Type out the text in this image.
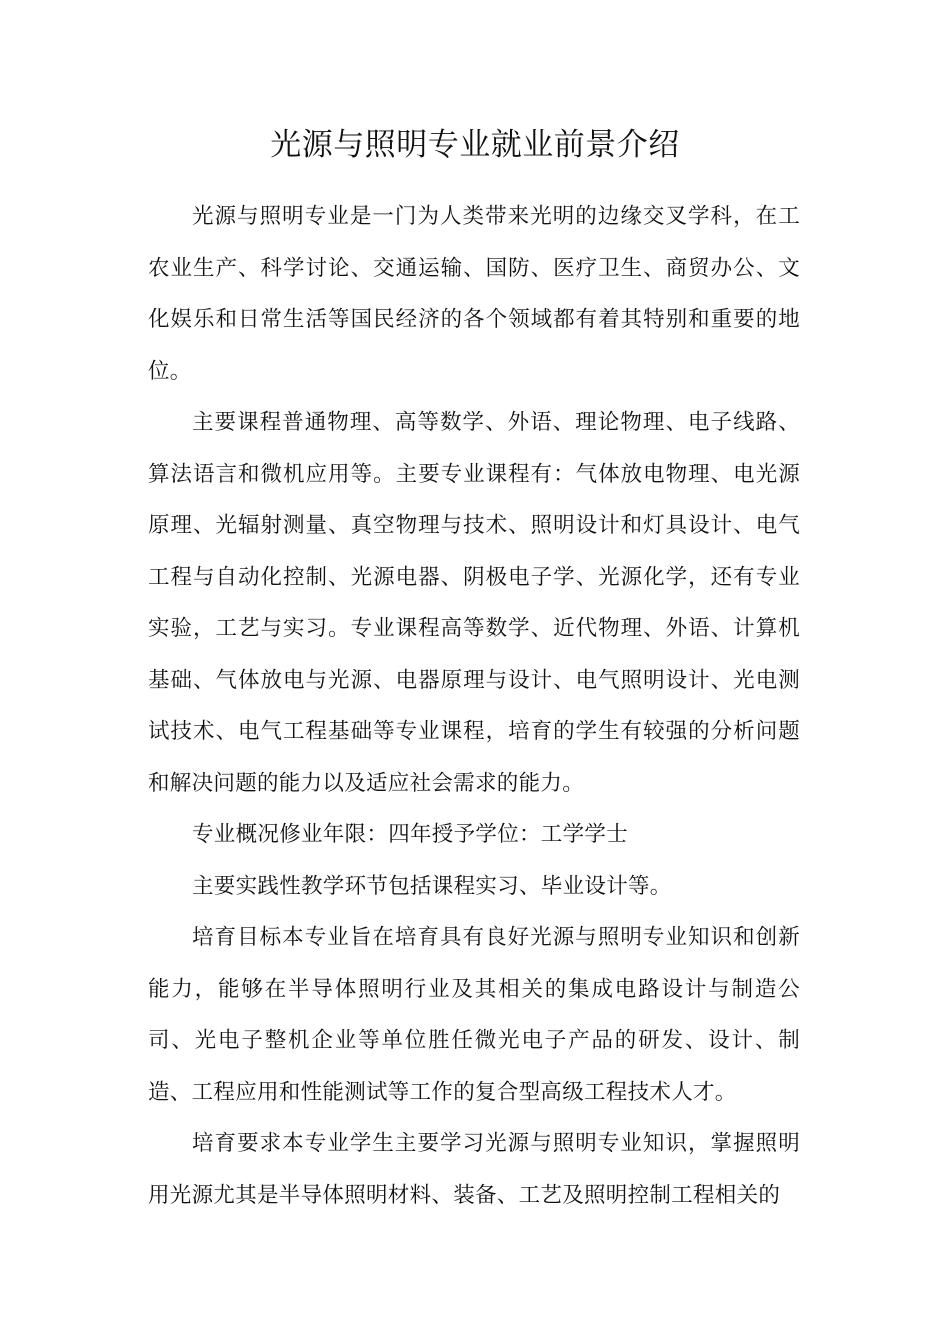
光源与照明专业就业前景介绍

光源与照明专业是一门为人类带来光明的边缘交叉学科，在工农业生产、科学讨论、交通运输、国防、医疗卫生、商贸办公、文化娱乐和日常生活等国民经济的各个领域都有着其特别和重要的地位。

主要课程普通物理、高等数学、外语、理论物理、电子线路、算法语言和微机应用等。主要专业课程有：气体放电物理、电光源原理、光辐射测量、真空物理与技术、照明设计和灯具设计、电气工程与自动化控制、光源电器、阴极电子学、光源化学，还有专业实验，工艺与实习。专业课程高等数学、近代物理、外语、计算机基础、气体放电与光源、电器原理与设计、电气照明设计、光电测试技术、电气工程基础等专业课程，培育的学生有较强的分析问题和解决问题的能力以及适应社会需求的能力。

专业概况修业年限：四年授予学位：工学学士

主要实践性教学环节包括课程实习、毕业设计等。

培育目标本专业旨在培育具有良好光源与照明专业知识和创新能力，能够在半导体照明行业及其相关的集成电路设计与制造公司、光电子整机企业等单位胜任微光电子产品的研发、设计、制造、工程应用和性能测试等工作的复合型高级工程技术人才。

培育要求本专业学生主要学习光源与照明专业知识，掌握照明用光源尤其是半导体照明材料、装备、工艺及照明控制工程相关的
